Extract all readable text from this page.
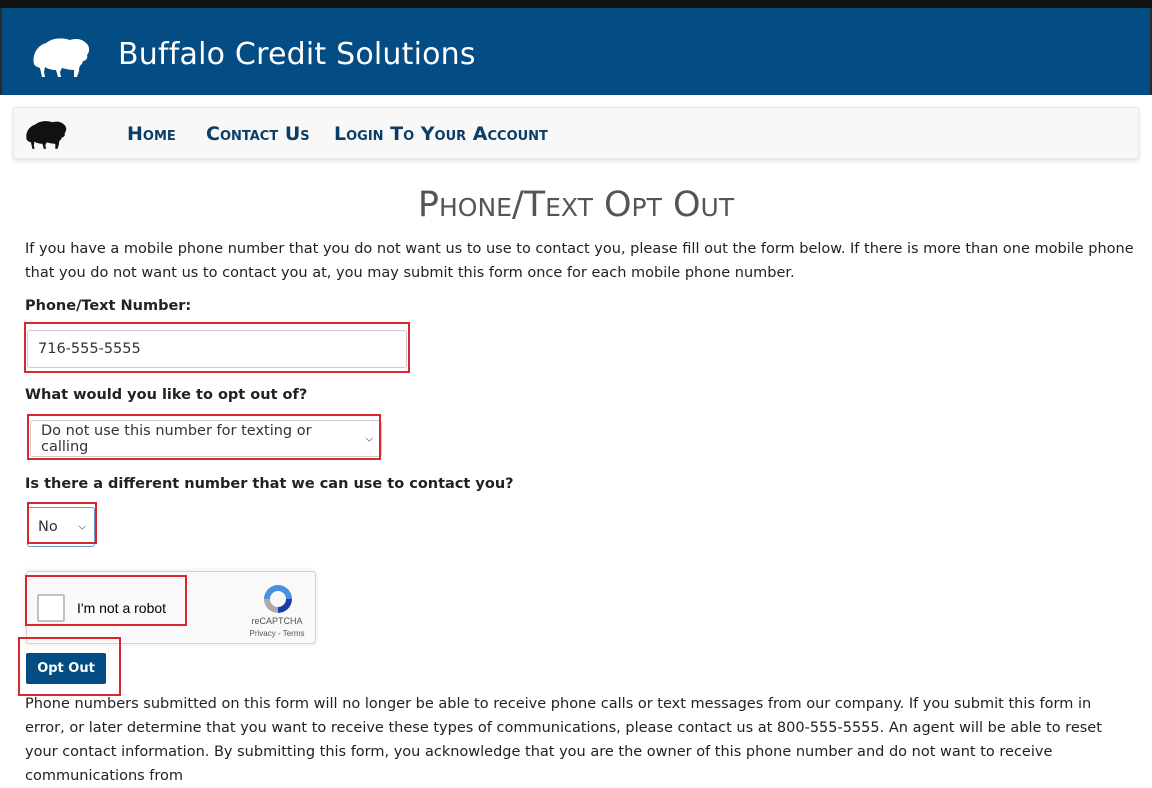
Buffalo Credit Solutions
Home Contact Us Login To Your Account
Phone/Text Opt Out
If you have a mobile phone number that you do not want us to use to contact you, please fill out the form below. If there is more than one mobile phone that you do not want us to contact you at, you may submit this form once for each mobile phone number.
Phone/Text Number:
716-555-5555
What would you like to opt out of?
Do not use this number for texting or calling	⌵
Is there a different number that we can use to contact you?
No ⌵
I'm not a robot
reCAPTCHA
Privacy - Terms
Opt Out
Phone numbers submitted on this form will no longer be able to receive phone calls or text messages from our company. If you submit this form in error, or later determine that you want to receive these types of communications, please contact us at 800-555-5555. An agent will be able to reset your contact information. By submitting this form, you acknowledge that you are the owner of this phone number and do not want to receive communications from
